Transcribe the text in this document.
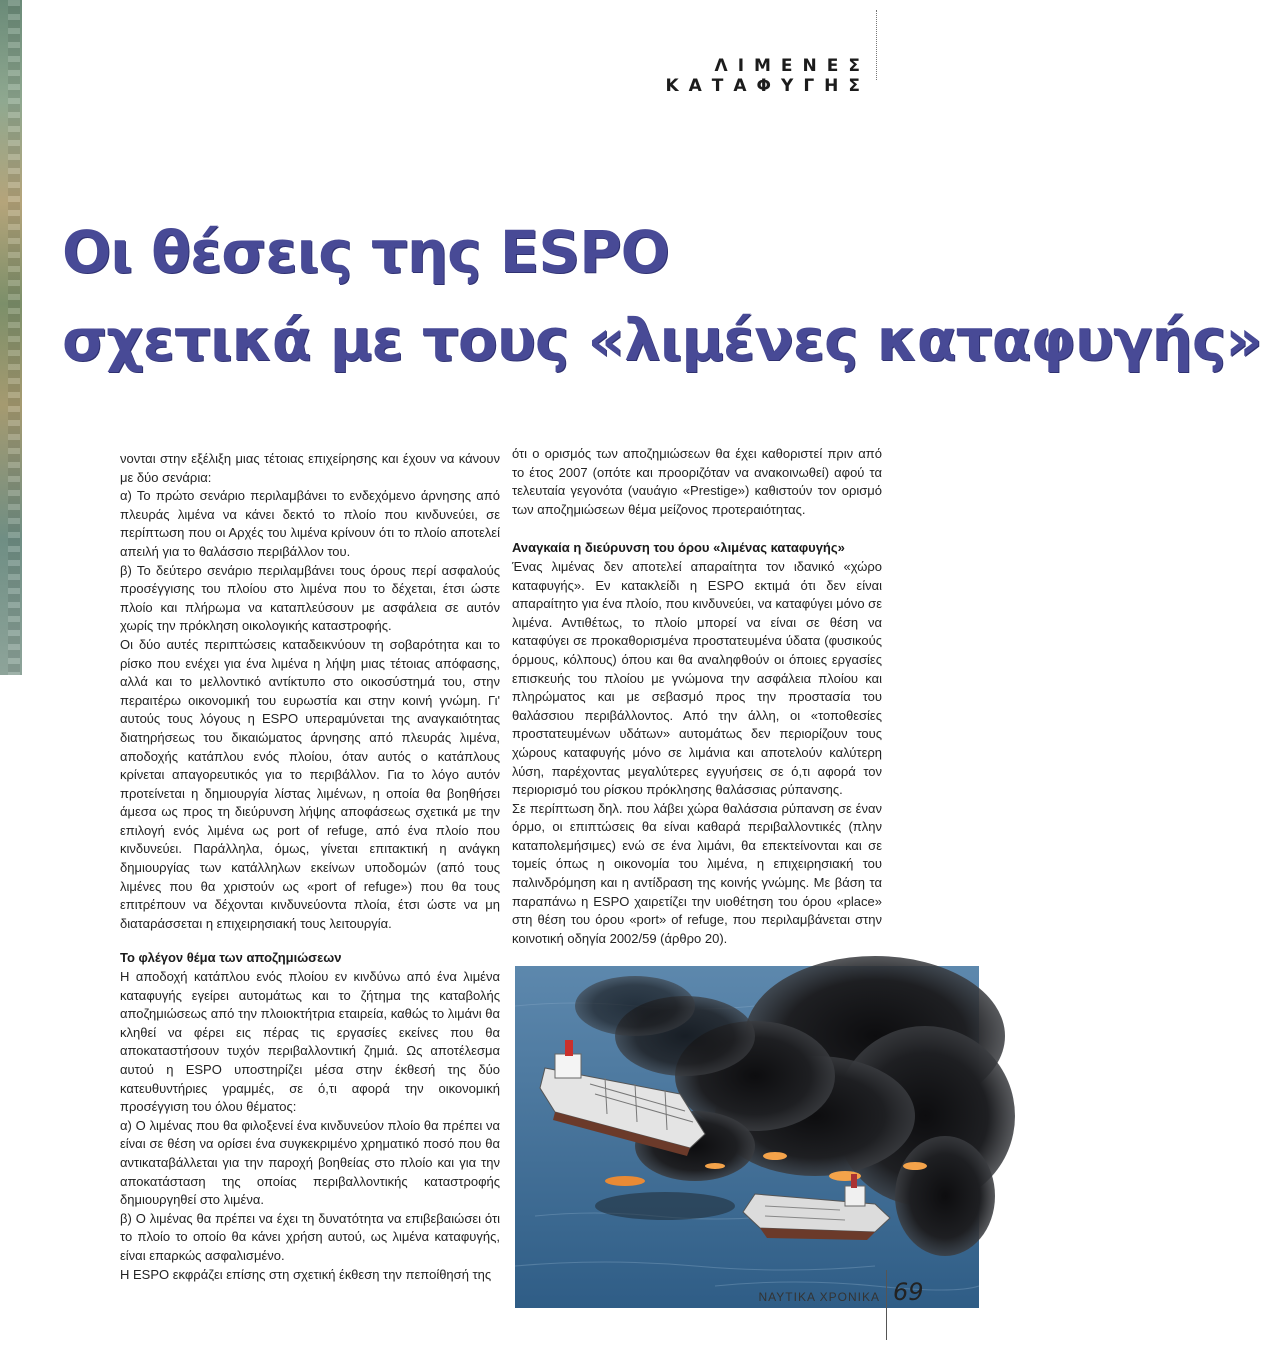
ΛΙΜΕΝΕΣ ΚΑΤΑΦΥΓΗΣ
Οι θέσεις της ESPO
σχετικά με τους «λιμένες καταφυγής»

νονται στην εξέλιξη μιας τέτοιας επιχείρησης και έχουν να κάνουν με δύο σενάρια:

α) Το πρώτο σενάριο περιλαμβάνει το ενδεχόμενο άρνησης από πλευράς λιμένα να κάνει δεκτό το πλοίο που κινδυνεύει, σε περίπτωση που οι Αρχές του λιμένα κρίνουν ότι το πλοίο αποτελεί απειλή για το θαλάσσιο περιβάλλον του.

β) Το δεύτερο σενάριο περιλαμβάνει τους όρους περί ασφαλούς προσέγγισης του πλοίου στο λιμένα που το δέχεται, έτσι ώστε πλοίο και πλήρωμα να καταπλεύσουν με ασφάλεια σε αυτόν χωρίς την πρόκληση οικολογικής καταστροφής.

Οι δύο αυτές περιπτώσεις καταδεικνύουν τη σοβαρότητα και το ρίσκο που ενέχει για ένα λιμένα η λήψη μιας τέτοιας απόφασης, αλλά και το μελλοντικό αντίκτυπο στο οικοσύστημά του, στην περαιτέρω οικονομική του ευρωστία και στην κοινή γνώμη. Γι' αυτούς τους λόγους η ESPO υπεραμύνεται της αναγκαιότητας διατηρήσεως του δικαιώματος άρνησης από πλευράς λιμένα, αποδοχής κατάπλου ενός πλοίου, όταν αυτός ο κατάπλους κρίνεται απαγορευτικός για το περιβάλλον. Για το λόγο αυτόν προτείνεται η δημιουργία λίστας λιμένων, η οποία θα βοηθήσει άμεσα ως προς τη διεύρυνση λήψης αποφάσεως σχετικά με την επιλογή ενός λιμένα ως port of refuge, από ένα πλοίο που κινδυνεύει. Παράλληλα, όμως, γίνεται επιτακτική η ανάγκη δημιουργίας των κατάλληλων εκείνων υποδομών (από τους λιμένες που θα χριστούν ως «port of refuge») που θα τους επιτρέπουν να δέχονται κινδυνεύοντα πλοία, έτσι ώστε να μη διαταράσσεται η επιχειρησιακή τους λειτουργία.

Το φλέγον θέμα των αποζημιώσεων

Η αποδοχή κατάπλου ενός πλοίου εν κινδύνω από ένα λιμένα καταφυγής εγείρει αυτομάτως και το ζήτημα της καταβολής αποζημιώσεως από την πλοιοκτήτρια εταιρεία, καθώς το λιμάνι θα κληθεί να φέρει εις πέρας τις εργασίες εκείνες που θα αποκαταστήσουν τυχόν περιβαλλοντική ζημιά. Ως αποτέλεσμα αυτού η ESPO υποστηρίζει μέσα στην έκθεσή της δύο κατευθυντήριες γραμμές, σε ό,τι αφορά την οικονομική προσέγγιση του όλου θέματος:

α) Ο λιμένας που θα φιλοξενεί ένα κινδυνεύον πλοίο θα πρέπει να είναι σε θέση να ορίσει ένα συγκεκριμένο χρηματικό ποσό που θα αντικαταβάλλεται για την παροχή βοηθείας στο πλοίο και για την αποκατάσταση της οποίας περιβαλλοντικής καταστροφής δημιουργηθεί στο λιμένα.

β) Ο λιμένας θα πρέπει να έχει τη δυνατότητα να επιβεβαιώσει ότι το πλοίο το οποίο θα κάνει χρήση αυτού, ως λιμένα καταφυγής, είναι επαρκώς ασφαλισμένο.

Η ESPO εκφράζει επίσης στη σχετική έκθεση την πεποίθησή της

ότι ο ορισμός των αποζημιώσεων θα έχει καθοριστεί πριν από το έτος 2007 (οπότε και προοριζόταν να ανακοινωθεί) αφού τα τελευταία γεγονότα (ναυάγιο «Prestige») καθιστούν τον ορισμό των αποζημιώσεων θέμα μείζονος προτεραιότητας.

Αναγκαία η διεύρυνση του όρου «λιμένας καταφυγής»

Ένας λιμένας δεν αποτελεί απαραίτητα τον ιδανικό «χώρο καταφυγής». Εν κατακλείδι η ESPO εκτιμά ότι δεν είναι απαραίτητο για ένα πλοίο, που κινδυνεύει, να καταφύγει μόνο σε λιμένα. Αντιθέτως, το πλοίο μπορεί να είναι σε θέση να καταφύγει σε προκαθορισμένα προστατευμένα ύδατα (φυσικούς όρμους, κόλπους) όπου και θα αναληφθούν οι όποιες εργασίες επισκευής του πλοίου με γνώμονα την ασφάλεια πλοίου και πληρώματος και με σεβασμό προς την προστασία του θαλάσσιου περιβάλλοντος. Από την άλλη, οι «τοποθεσίες προστατευμένων υδάτων» αυτομάτως δεν περιορίζουν τους χώρους καταφυγής μόνο σε λιμάνια και αποτελούν καλύτερη λύση, παρέχοντας μεγαλύτερες εγγυήσεις σε ό,τι αφορά τον περιορισμό του ρίσκου πρόκλησης θαλάσσιας ρύπανσης.

Σε περίπτωση δηλ. που λάβει χώρα θαλάσσια ρύπανση σε έναν όρμο, οι επιπτώσεις θα είναι καθαρά περιβαλλοντικές (πλην καταπολεμήσιμες) ενώ σε ένα λιμάνι, θα επεκτείνονται και σε τομείς όπως η οικονομία του λιμένα, η επιχειρησιακή του παλινδρόμηση και η αντίδραση της κοινής γνώμης. Με βάση τα παραπάνω η ESPO χαιρετίζει την υιοθέτηση του όρου «place» στη θέση του όρου «port» of refuge, που περιλαμβάνεται στην κοινοτική οδηγία 2002/59 (άρθρο 20).

ΝΑΥΤΙΚΑ ΧΡΟΝΙΚΑ 69
